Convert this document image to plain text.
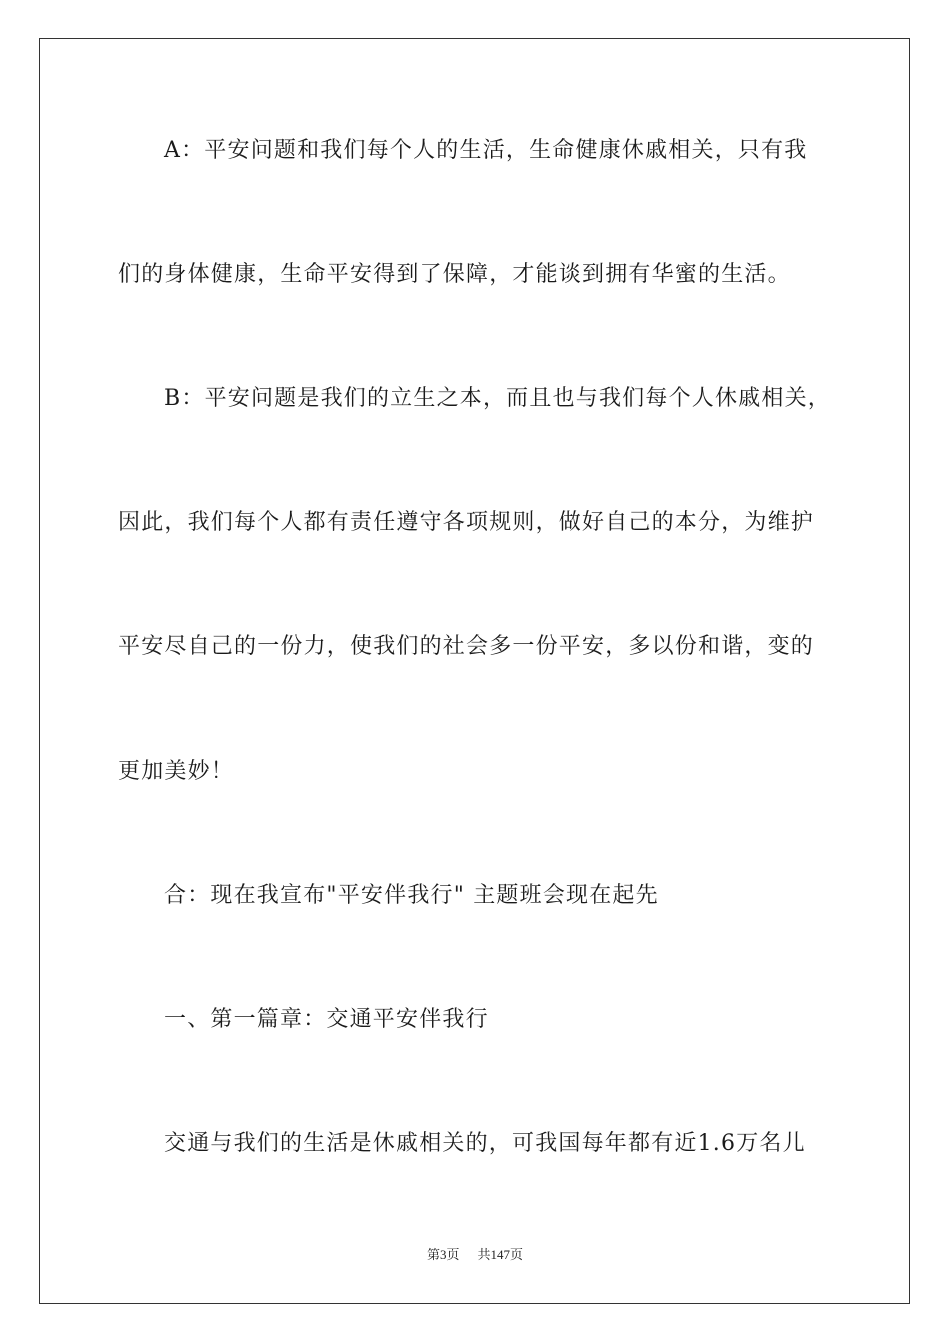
A：平安问题和我们每个人的生活，生命健康休戚相关，只有我
们的身体健康，生命平安得到了保障，才能谈到拥有华蜜的生活。
B：平安问题是我们的立生之本，而且也与我们每个人休戚相关，
因此，我们每个人都有责任遵守各项规则，做好自己的本分，为维护
平安尽自己的一份力，使我们的社会多一份平安，多以份和谐，变的
更加美妙！
合：现在我宣布"平安伴我行" 主题班会现在起先
一、第一篇章：交通平安伴我行
交通与我们的生活是休戚相关的，可我国每年都有近1.6万名儿
第3页 共147页
